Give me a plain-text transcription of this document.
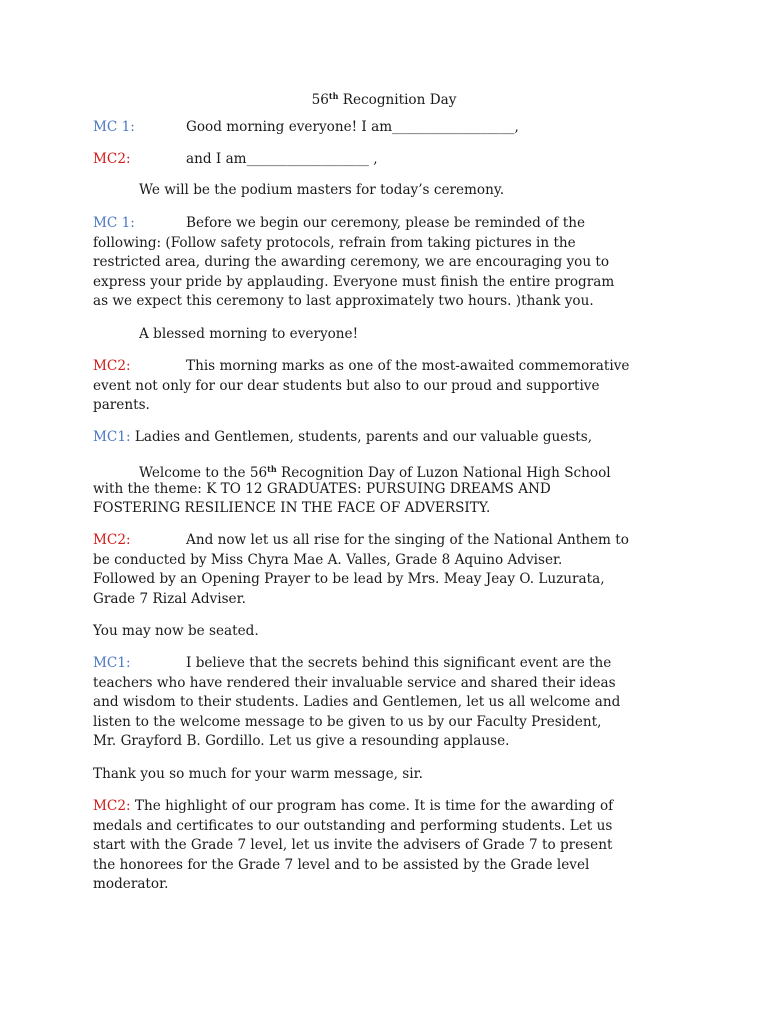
56th Recognition Day
MC 1:	Good morning everyone! I am__________________,
MC2:	and I am__________________ ,
We will be the podium masters for today’s ceremony.
MC 1:	Before we begin our ceremony, please be reminded of the
following: (Follow safety protocols, refrain from taking pictures in the
restricted area, during the awarding ceremony, we are encouraging you to
express your pride by applauding. Everyone must finish the entire program
as we expect this ceremony to last approximately two hours. )thank you.
A blessed morning to everyone!
MC2:	This morning marks as one of the most-awaited commemorative
event not only for our dear students but also to our proud and supportive
parents.
MC1: Ladies and Gentlemen, students, parents and our valuable guests,
Welcome to the 56th Recognition Day of Luzon National High School
with the theme: K TO 12 GRADUATES: PURSUING DREAMS AND
FOSTERING RESILIENCE IN THE FACE OF ADVERSITY.
MC2:	And now let us all rise for the singing of the National Anthem to
be conducted by Miss Chyra Mae A. Valles, Grade 8 Aquino Adviser.
Followed by an Opening Prayer to be lead by Mrs. Meay Jeay O. Luzurata,
Grade 7 Rizal Adviser.
You may now be seated.
MC1:	I believe that the secrets behind this significant event are the
teachers who have rendered their invaluable service and shared their ideas
and wisdom to their students. Ladies and Gentlemen, let us all welcome and
listen to the welcome message to be given to us by our Faculty President,
Mr. Grayford B. Gordillo. Let us give a resounding applause.
Thank you so much for your warm message, sir.
MC2: The highlight of our program has come. It is time for the awarding of
medals and certificates to our outstanding and performing students. Let us
start with the Grade 7 level, let us invite the advisers of Grade 7 to present
the honorees for the Grade 7 level and to be assisted by the Grade level
moderator.
